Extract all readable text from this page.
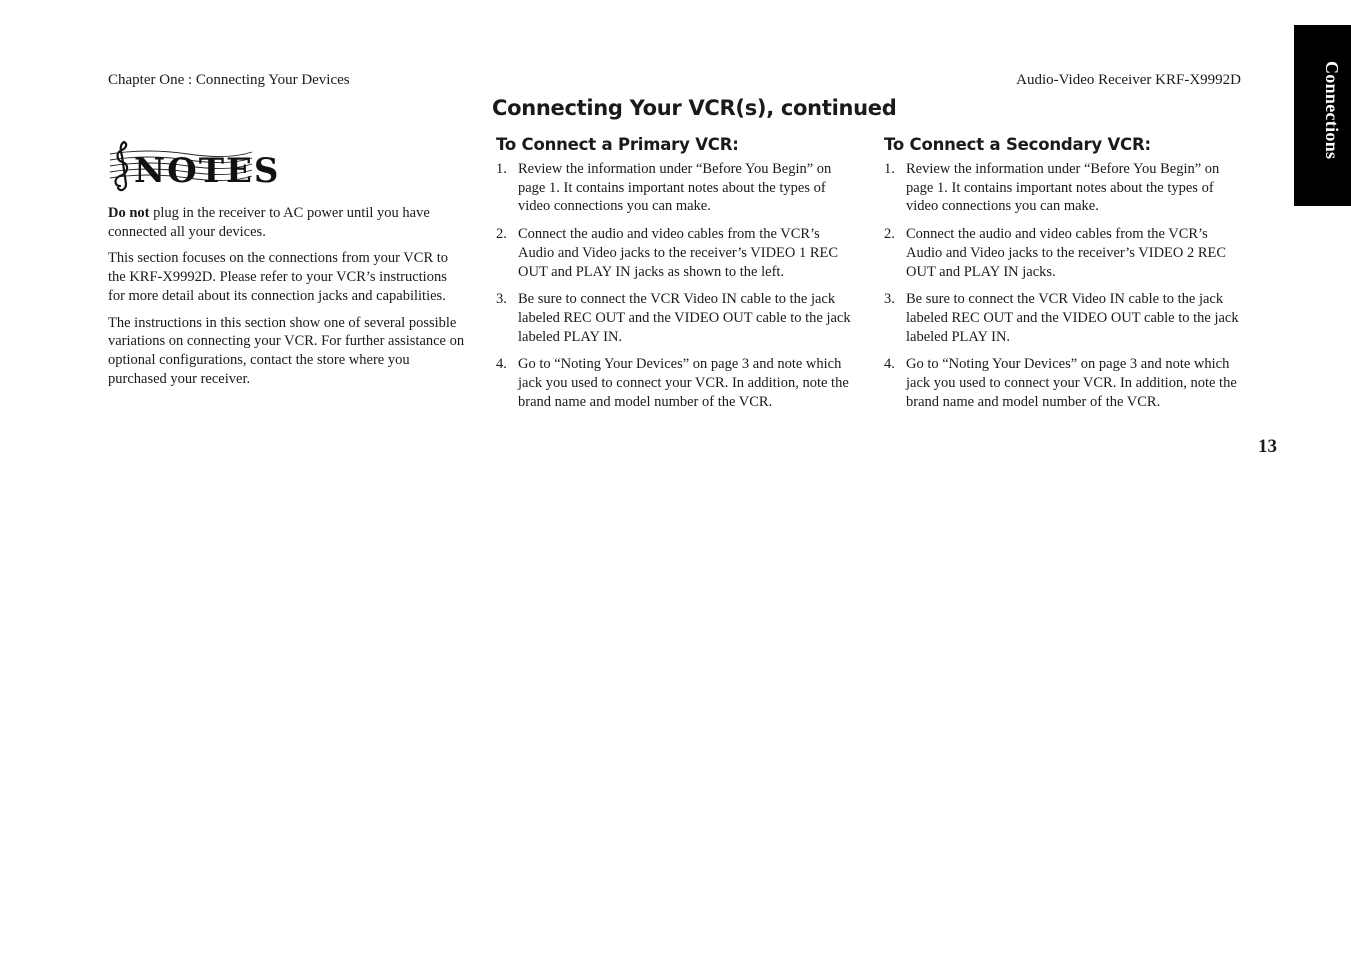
Chapter One : Connecting Your Devices	Audio-Video Receiver KRF-X9992D
Connecting Your VCR(s), continued	Connections
13
NOTES

Do not plug in the receiver to AC power until you have connected all your devices.

This section focuses on the connections from your VCR to the KRF-X9992D. Please refer to your VCR’s instructions for more detail about its connection jacks and capabilities.

The instructions in this section show one of several possible variations on connecting your VCR. For further assistance on optional configurations, contact the store where you purchased your receiver.

To Connect a Primary VCR:
1. Review the information under “Before You Begin” on page 1. It contains important notes about the types of video connections you can make.
2. Connect the audio and video cables from the VCR’s Audio and Video jacks to the receiver’s VIDEO 1 REC OUT and PLAY IN jacks as shown to the left.
3. Be sure to connect the VCR Video IN cable to the jack labeled REC OUT and the VIDEO OUT cable to the jack labeled PLAY IN.
4. Go to “Noting Your Devices” on page 3 and note which jack you used to connect your VCR. In addition, note the brand name and model number of the VCR.
To Connect a Secondary VCR:
1. Review the information under “Before You Begin” on page 1. It contains important notes about the types of video connections you can make.
2. Connect the audio and video cables from the VCR’s Audio and Video jacks to the receiver’s VIDEO 2 REC OUT and PLAY IN jacks.
3. Be sure to connect the VCR Video IN cable to the jack labeled REC OUT and the VIDEO OUT cable to the jack labeled PLAY IN.
4. Go to “Noting Your Devices” on page 3 and note which jack you used to connect your VCR. In addition, note the brand name and model number of the VCR.
